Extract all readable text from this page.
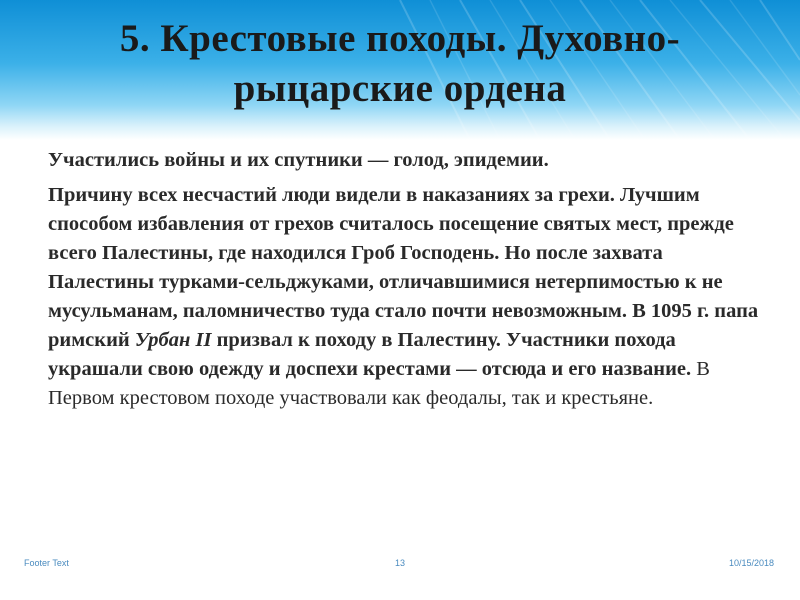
5. Крестовые походы. Духовно-
рыцарские ордена

Участились войны и их спутники — голод, эпидемии.

Причину всех несчастий люди видели в наказаниях за грехи. Лучшим способом избавления от грехов считалось посещение святых мест, прежде всего Палестины, где находился Гроб Господень. Но после захвата Палестины турками-сельджуками, отличавшимися нетерпимостью к не мусульманам, паломничество туда стало почти невозможным. В 1095 г. папа римский Урбан II призвал к походу в Палестину. Участники похода украшали свою одежду и доспехи крестами — отсюда и его название. В Первом крестовом походе участвовали как феодалы, так и крестьяне.

Footer Text	13	10/15/2018
